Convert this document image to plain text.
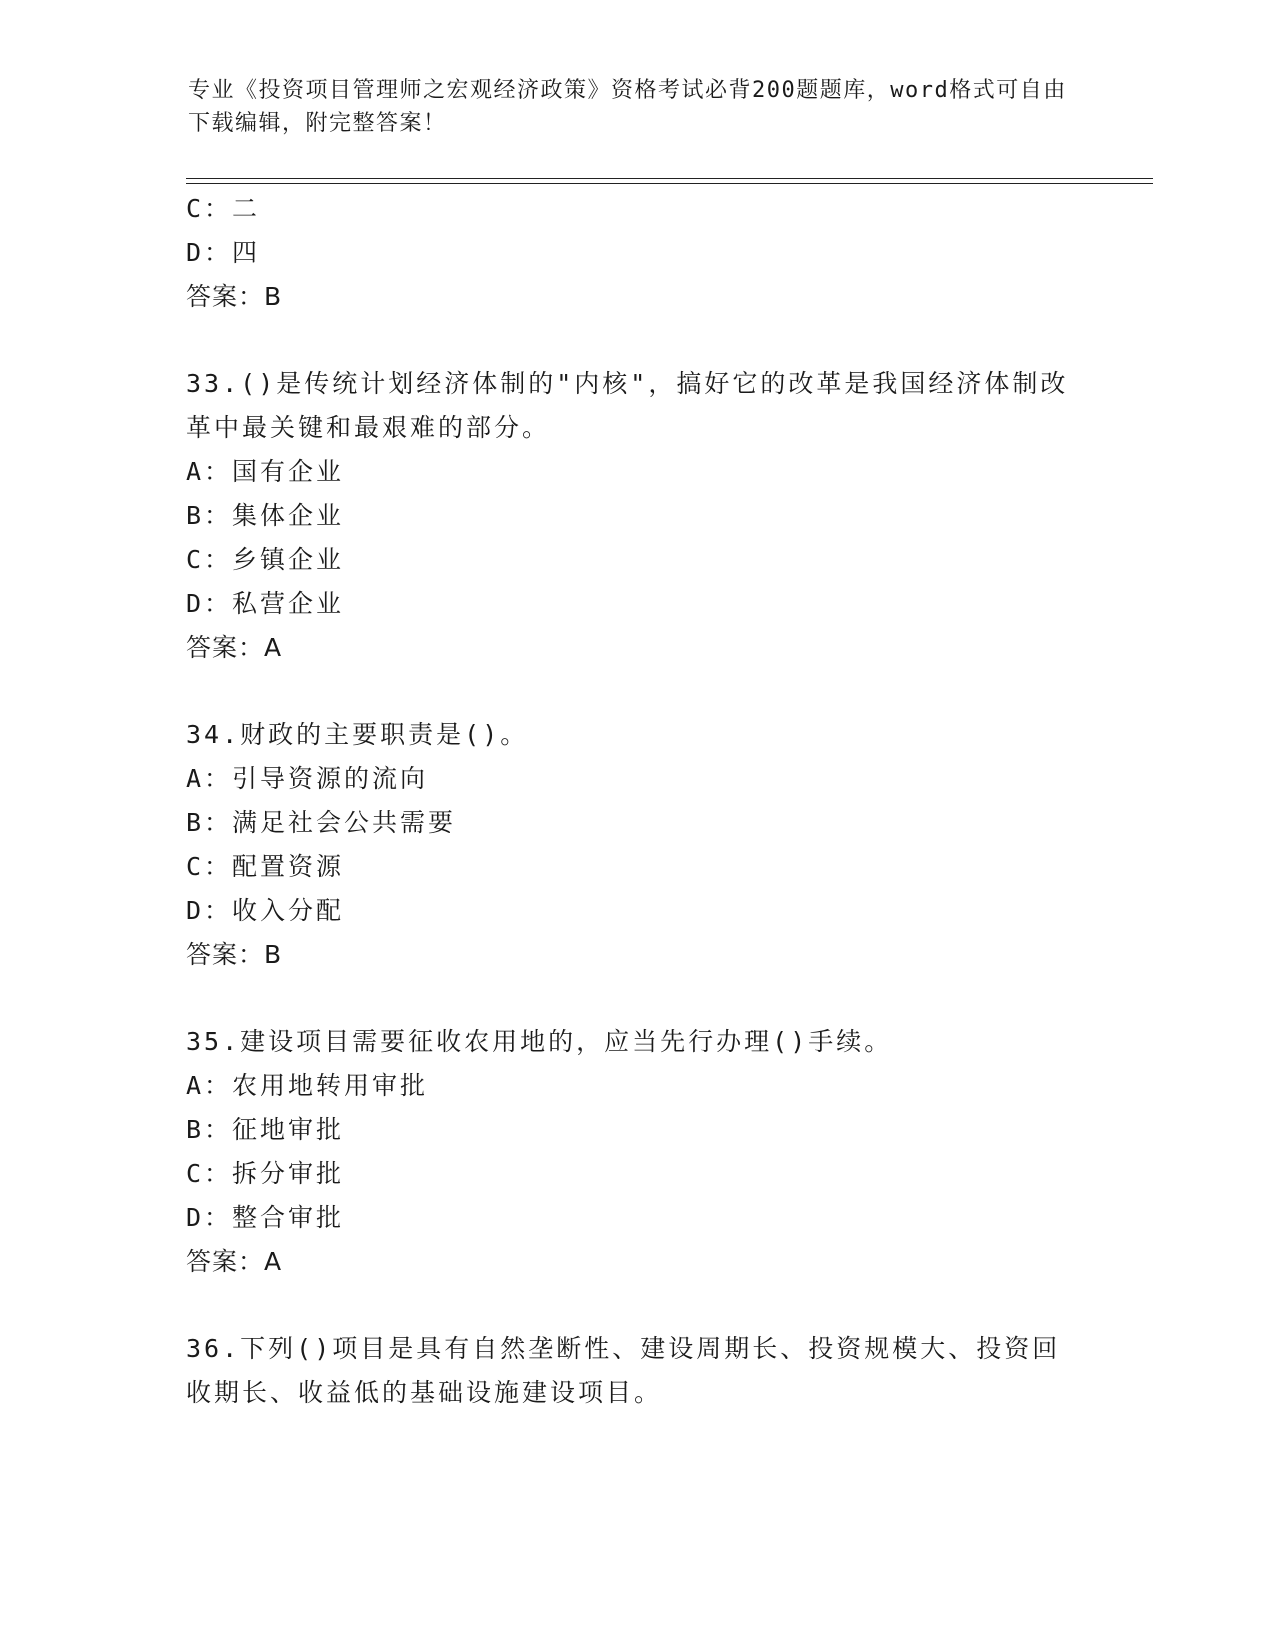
专业《投资项目管理师之宏观经济政策》资格考试必背200题题库，word格式可自由下载编辑，附完整答案！
C：二
D：四
答案：B
33.()是传统计划经济体制的"内核"，搞好它的改革是我国经济体制改革中最关键和最艰难的部分。
A：国有企业
B：集体企业
C：乡镇企业
D：私营企业
答案：A
34.财政的主要职责是()。
A：引导资源的流向
B：满足社会公共需要
C：配置资源
D：收入分配
答案：B
35.建设项目需要征收农用地的，应当先行办理()手续。
A：农用地转用审批
B：征地审批
C：拆分审批
D：整合审批
答案：A
36.下列()项目是具有自然垄断性、建设周期长、投资规模大、投资回收期长、收益低的基础设施建设项目。
